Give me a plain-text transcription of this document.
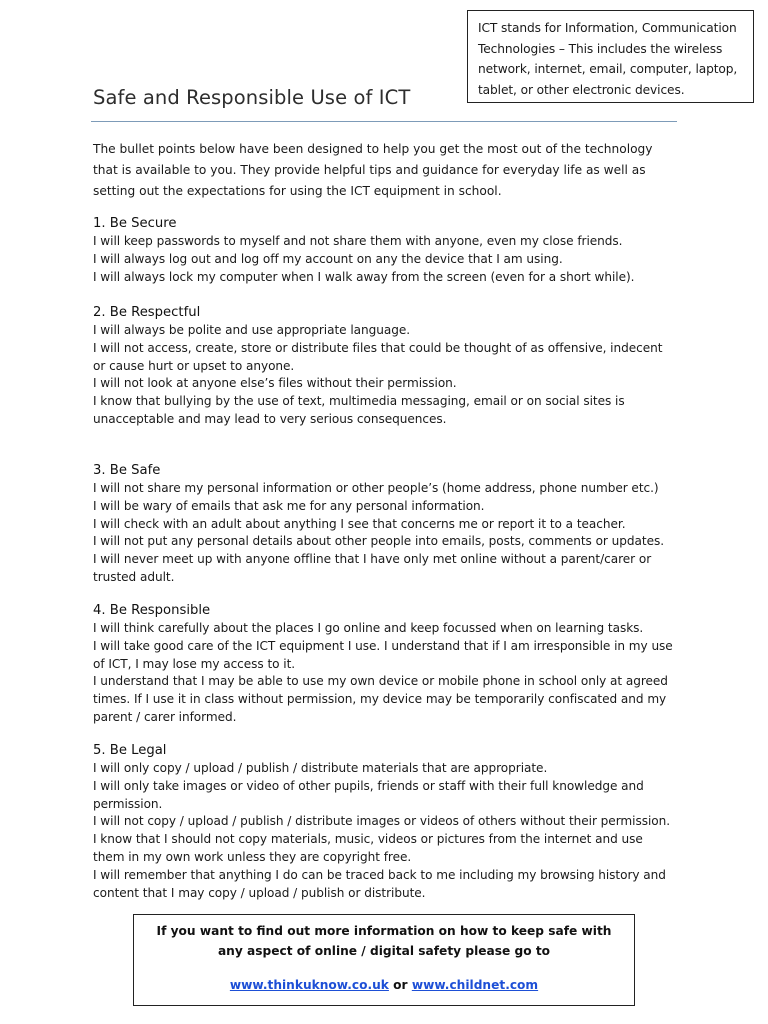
ICT stands for Information, Communication Technologies – This includes the wireless network, internet, email, computer, laptop, tablet, or other electronic devices.
Safe and Responsible Use of ICT

The bullet points below have been designed to help you get the most out of the technology that is available to you. They provide helpful tips and guidance for everyday life as well as setting out the expectations for using the ICT equipment in school.

1. Be Secure

I will keep passwords to myself and not share them with anyone, even my close friends.

I will always log out and log off my account on any the device that I am using.

I will always lock my computer when I walk away from the screen (even for a short while).

2. Be Respectful

I will always be polite and use appropriate language.

I will not access, create, store or distribute files that could be thought of as offensive, indecent or cause hurt or upset to anyone.

I will not look at anyone else’s files without their permission.

I know that bullying by the use of text, multimedia messaging, email or on social sites is unacceptable and may lead to very serious consequences.

3. Be Safe

I will not share my personal information or other people’s (home address, phone number etc.)

I will be wary of emails that ask me for any personal information.

I will check with an adult about anything I see that concerns me or report it to a teacher.

I will not put any personal details about other people into emails, posts, comments or updates.

I will never meet up with anyone offline that I have only met online without a parent/carer or trusted adult.

4. Be Responsible

I will think carefully about the places I go online and keep focussed when on learning tasks.

I will take good care of the ICT equipment I use. I understand that if I am irresponsible in my use of ICT, I may lose my access to it.

I understand that I may be able to use my own device or mobile phone in school only at agreed times. If I use it in class without permission, my device may be temporarily confiscated and my parent / carer informed.

5. Be Legal

I will only copy / upload / publish / distribute materials that are appropriate.

I will only take images or video of other pupils, friends or staff with their full knowledge and permission.

I will not copy / upload / publish / distribute images or videos of others without their permission.

I know that I should not copy materials, music, videos or pictures from the internet and use them in my own work unless they are copyright free.

I will remember that anything I do can be traced back to me including my browsing history and content that I may copy / upload / publish or distribute.

If you want to find out more information on how to keep safe with any aspect of online / digital safety please go to
www.thinkuknow.co.uk or www.childnet.com
